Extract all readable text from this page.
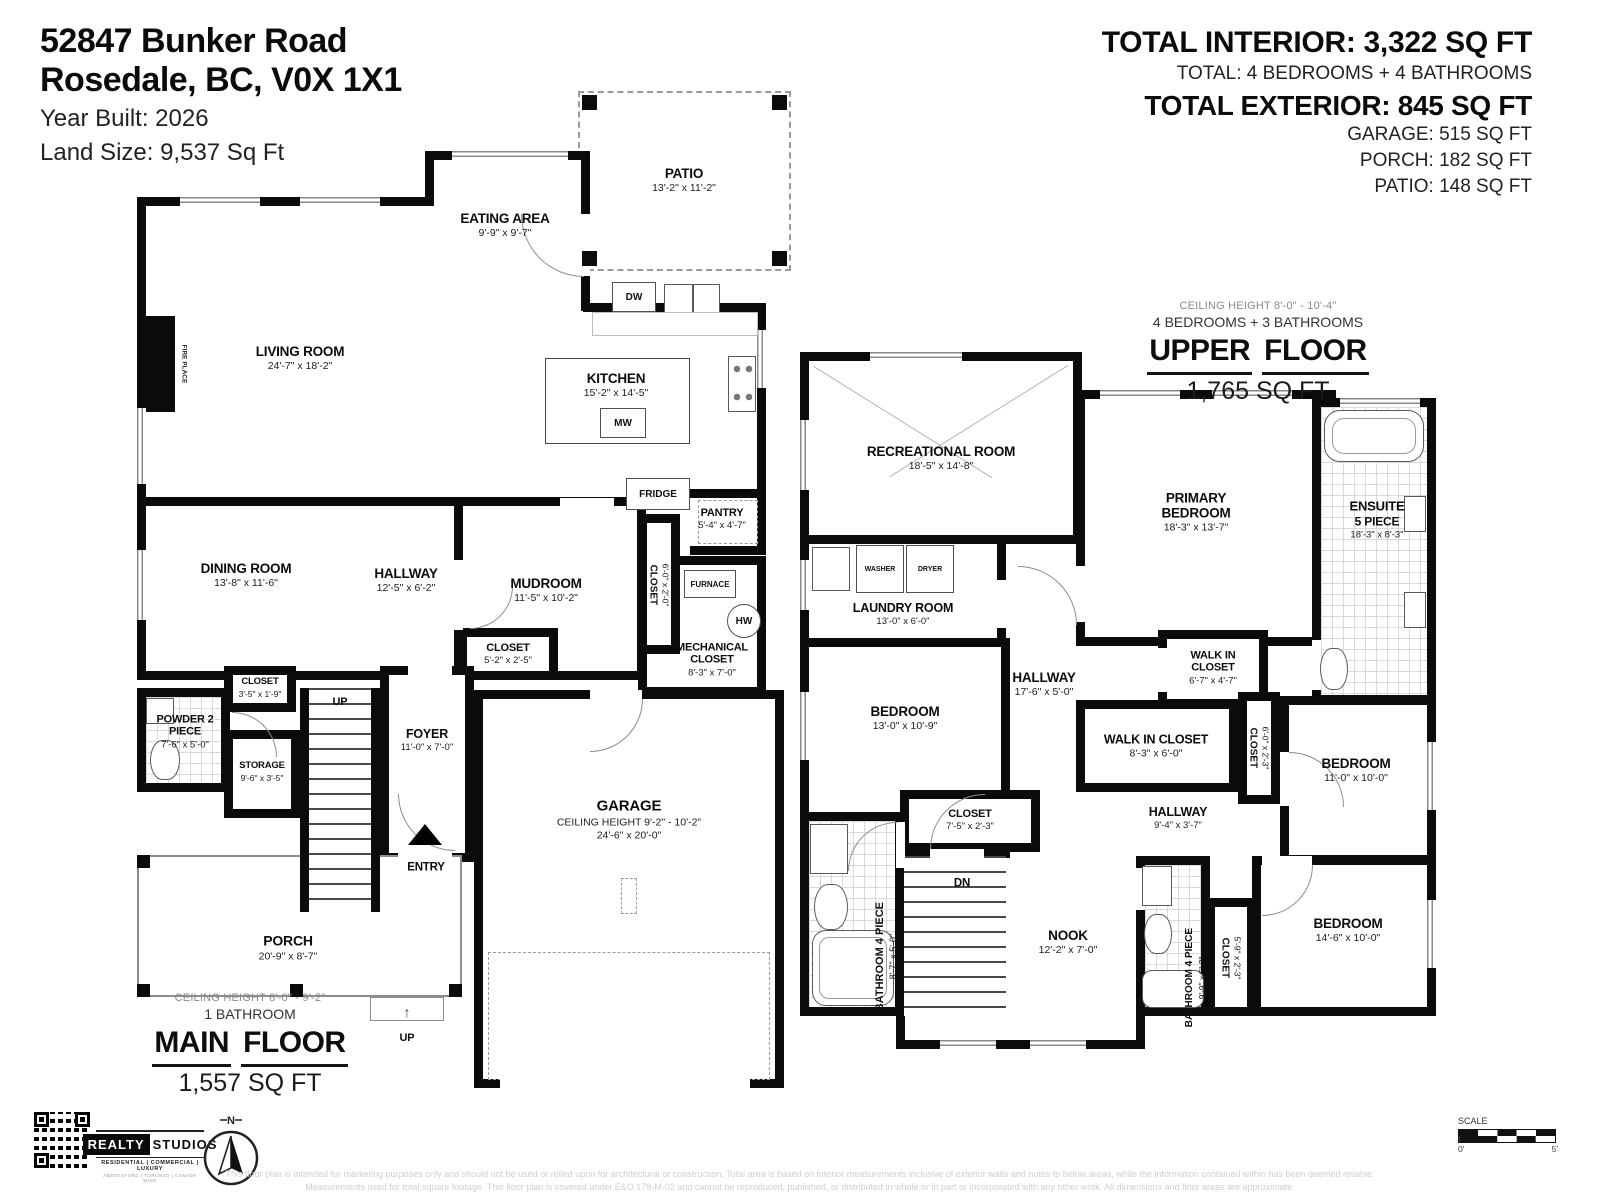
52847 Bunker Road
Rosedale, BC, V0X 1X1
Year Built: 2026
Land Size: 9,537 Sq Ft
TOTAL INTERIOR: 3,322 SQ FT
TOTAL: 4 BEDROOMS + 4 BATHROOMS
TOTAL EXTERIOR: 845 SQ FT
GARAGE: 515 SQ FT
PORCH: 182 SQ FT
PATIO: 148 SQ FT
FIRE PLACE
DW
MW
FRIDGE
FURNACE
HW
↑
PATIO
13'-2" x 11'-2"
EATING AREA
9'-9" x 9'-7"
LIVING ROOM
24'-7" x 18'-2"
KITCHEN
15'-2" x 14'-5"
DINING ROOM
13'-8" x 11'-6"
HALLWAY
12'-5" x 6'-2"	MUDROOM
11'-5" x 10'-2"
PANTRY
5'-4" x 4'-7"
CLOSET 6'-0" x 2'-0"
MECHANICAL CLOSET
8'-3" x 7'-0"
CLOSET
5'-2" x 2'-5"
CLOSET
3'-5" x 1'-9"
POWDER 2 PIECE
7'-6" x 5'-0"
STORAGE
9'-6" x 3'-5"
UP
FOYER
11'-0" x 7'-0"
ENTRY
GARAGE
CEILING HEIGHT 9'-2" - 10'-2"
24'-6" x 20'-0"
PORCH
20'-9" x 8'-7"
UP
CEILING HEIGHT 8'-0" - 9'-2"
1 BATHROOM
MAIN FLOOR
1,557 SQ FT
WASHER	DRYER
RECREATIONAL ROOM
18'-5" x 14'-8"
LAUNDRY ROOM
13'-0" x 6'-0"
PRIMARY BEDROOM
18'-3" x 13'-7"
ENSUITE
5 PIECE
18'-3" x 8'-3"
WALK IN CLOSET
6'-7" x 4'-7"
HALLWAY
17'-6" x 5'-0"
BEDROOM
13'-0" x 10'-9"
WALK IN CLOSET
8'-3" x 6'-0"	CLOSET 6'-0" x 2'-3"	BEDROOM
11'-0" x 10'-0"
HALLWAY
9'-4" x 3'-7"
CLOSET
7'-5" x 2'-3"
8'-7" x 5'-0"
BATHROOM 4 PIECE
DN
NOOK
12'-2" x 7'-0"
9'-9" x 5'-3"
BATHROOM 4 PIECE CLOSET 5'-9" x 2'-3"
BEDROOM
14'-6" x 10'-0"
CEILING HEIGHT 8'-0" - 10'-4"
4 BEDROOMS + 3 BATHROOMS
UPPER FLOOR
1,765 SQ FT
REALTY STUDIOS
RESIDENTIAL | COMMERCIAL | LUXURY
ABBOTSFORD | TORONTO | CANADA WIDE
N
This floor plan is intended for marketing purposes only and should not be used or relied upon for architectural or construction. Total area is based on interior measurements inclusive of exterior walls and notes to below areas, while the information contained within has been deemed reliable.
Measurements used for total square footage. This floor plan is covered under E&O 178-M-02 and cannot be reproduced, published, or distributed in whole or in part or incorporated with any other work. All dimensions and floor areas are approximate.
SCALE
0'	5'
